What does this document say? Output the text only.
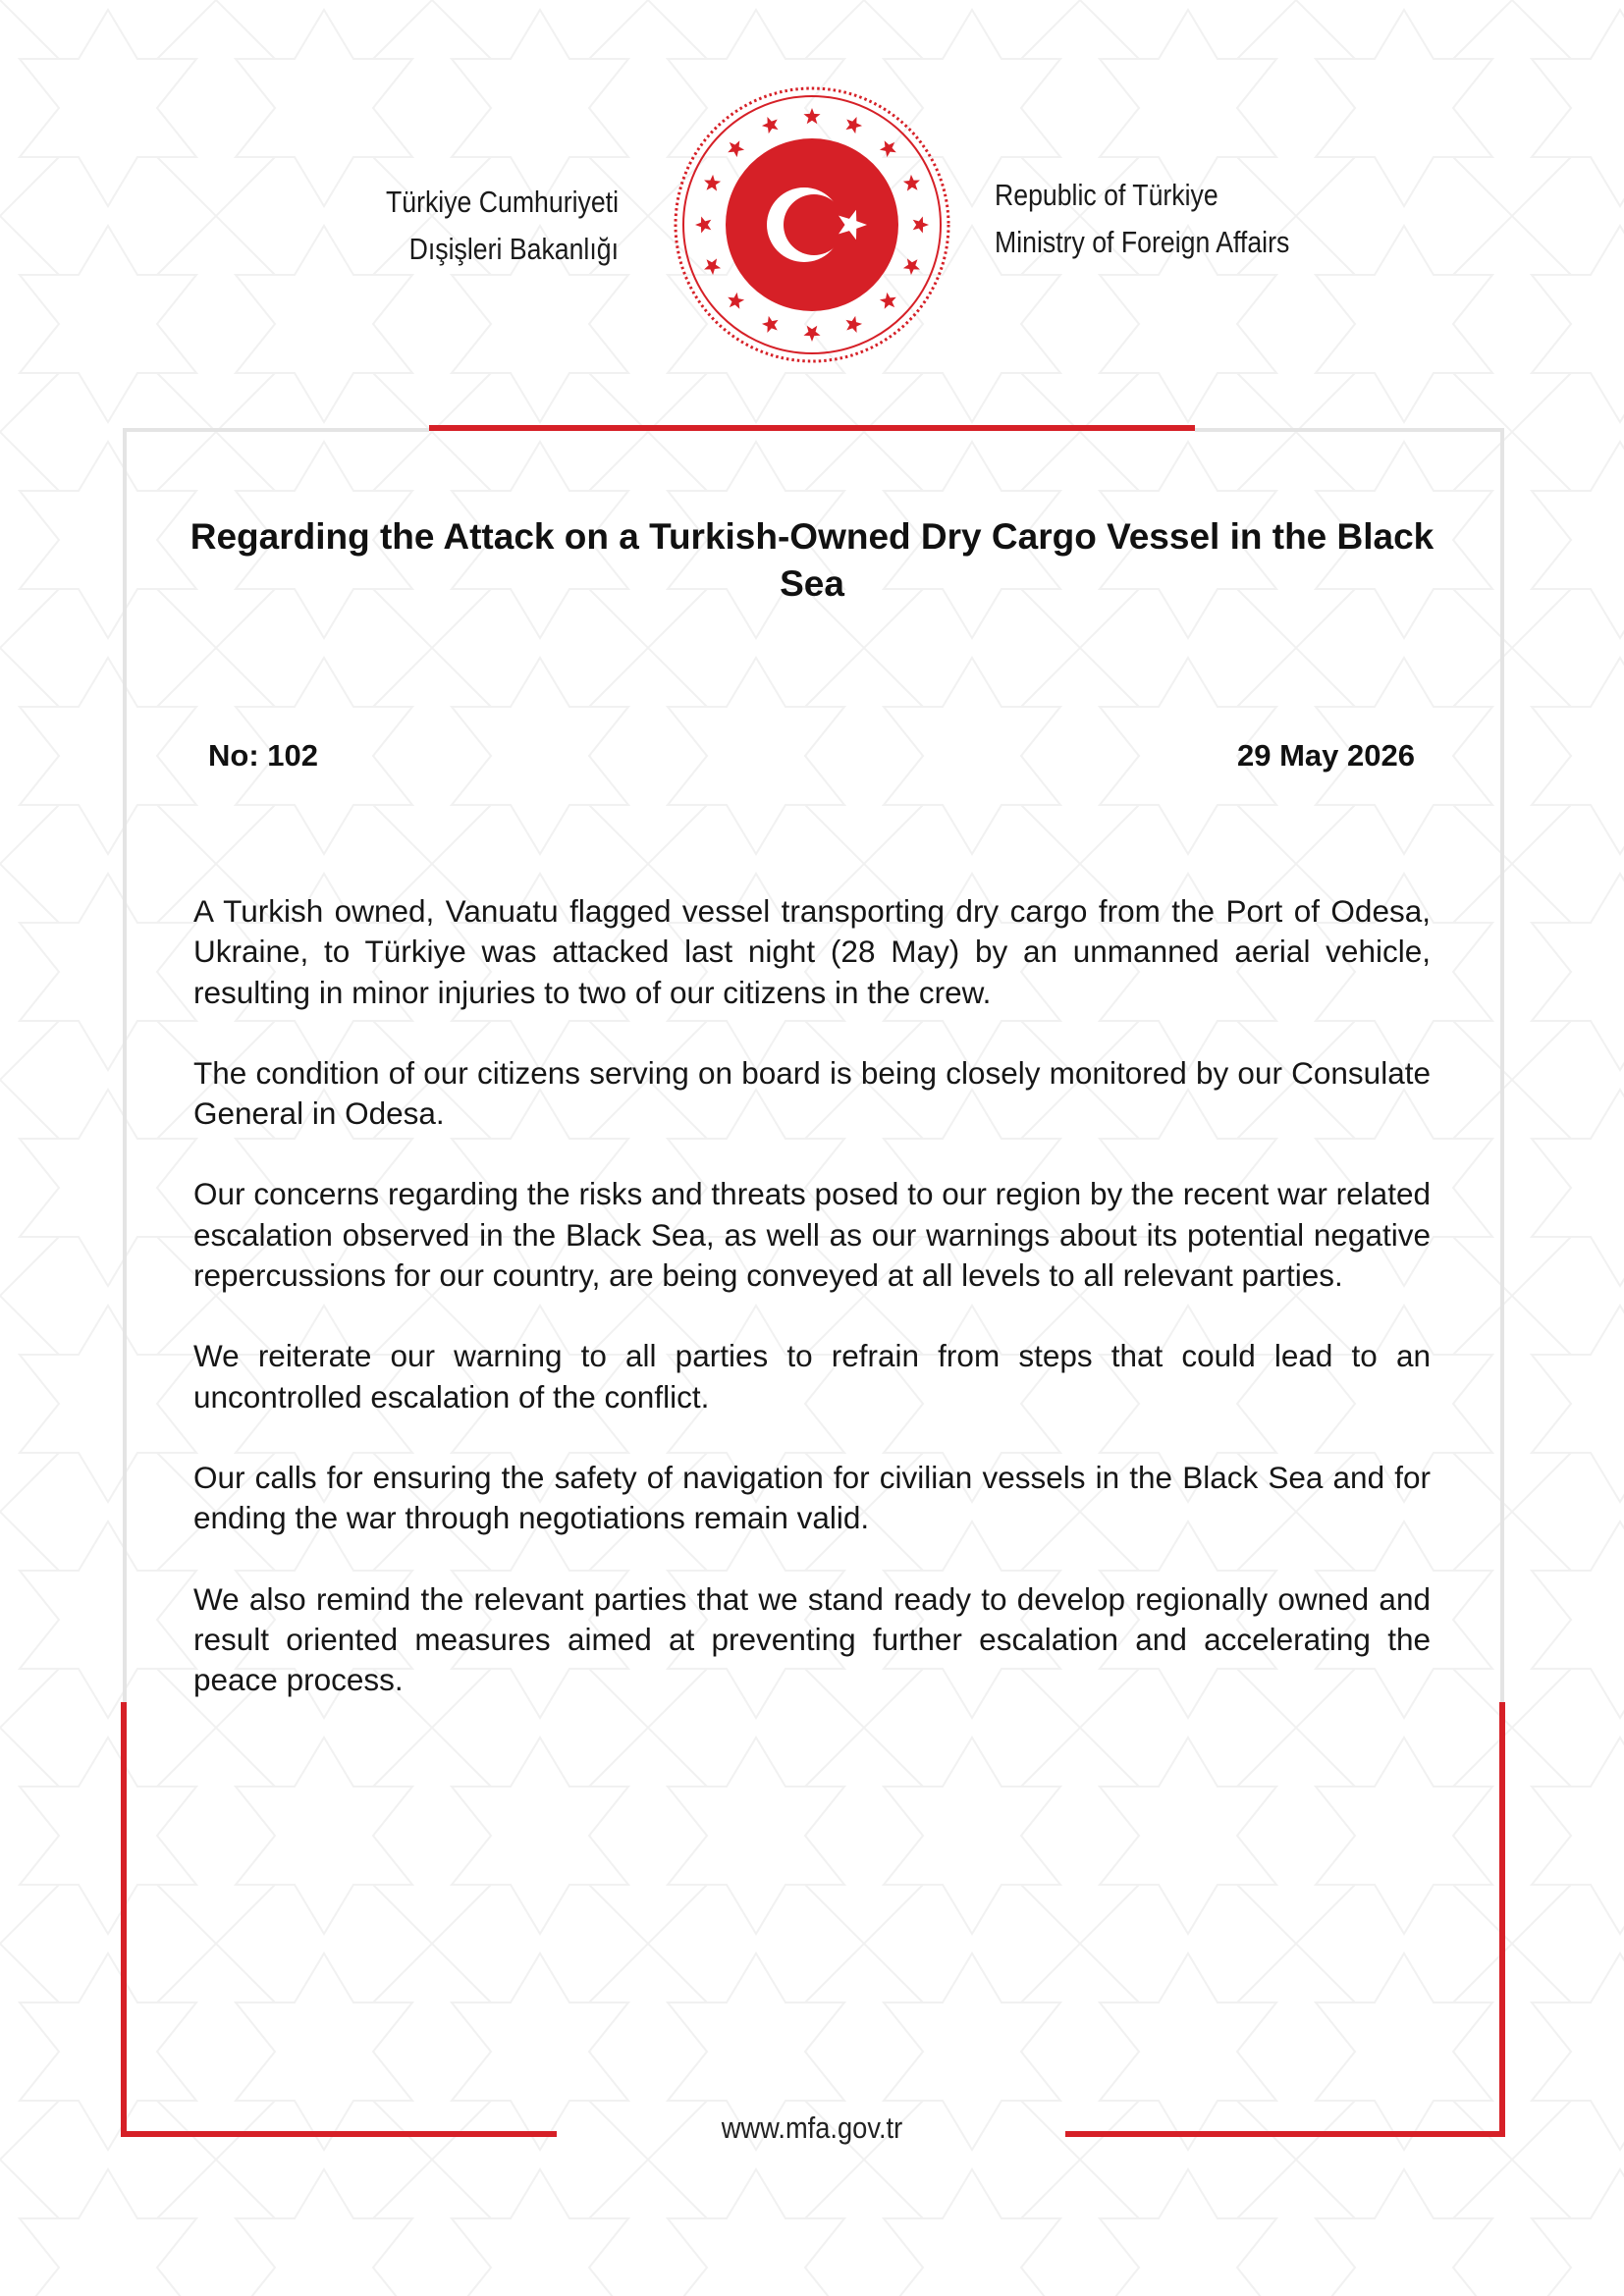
Türkiye Cumhuriyeti
Dışişleri Bakanlığı
Republic of Türkiye
Ministry of Foreign Affairs
Regarding the Attack on a Turkish-Owned Dry Cargo Vessel in the Black Sea
No: 102	29 May 2026

A Turkish owned, Vanuatu flagged vessel transporting dry cargo from the Port of Odesa, Ukraine, to Türkiye was attacked last night (28 May) by an unmanned aerial vehicle, resulting in minor injuries to two of our citizens in the crew.

The condition of our citizens serving on board is being closely monitored by our Consulate General in Odesa.

Our concerns regarding the risks and threats posed to our region by the recent war related escalation observed in the Black Sea, as well as our warnings about its potential negative repercussions for our country, are being conveyed at all levels to all relevant parties.

We reiterate our warning to all parties to refrain from steps that could lead to an uncontrolled escalation of the conflict.

Our calls for ensuring the safety of navigation for civilian vessels in the Black Sea and for ending the war through negotiations remain valid.

We also remind the relevant parties that we stand ready to develop regionally owned and result oriented measures aimed at preventing further escalation and accelerating the peace process.

www.mfa.gov.tr
